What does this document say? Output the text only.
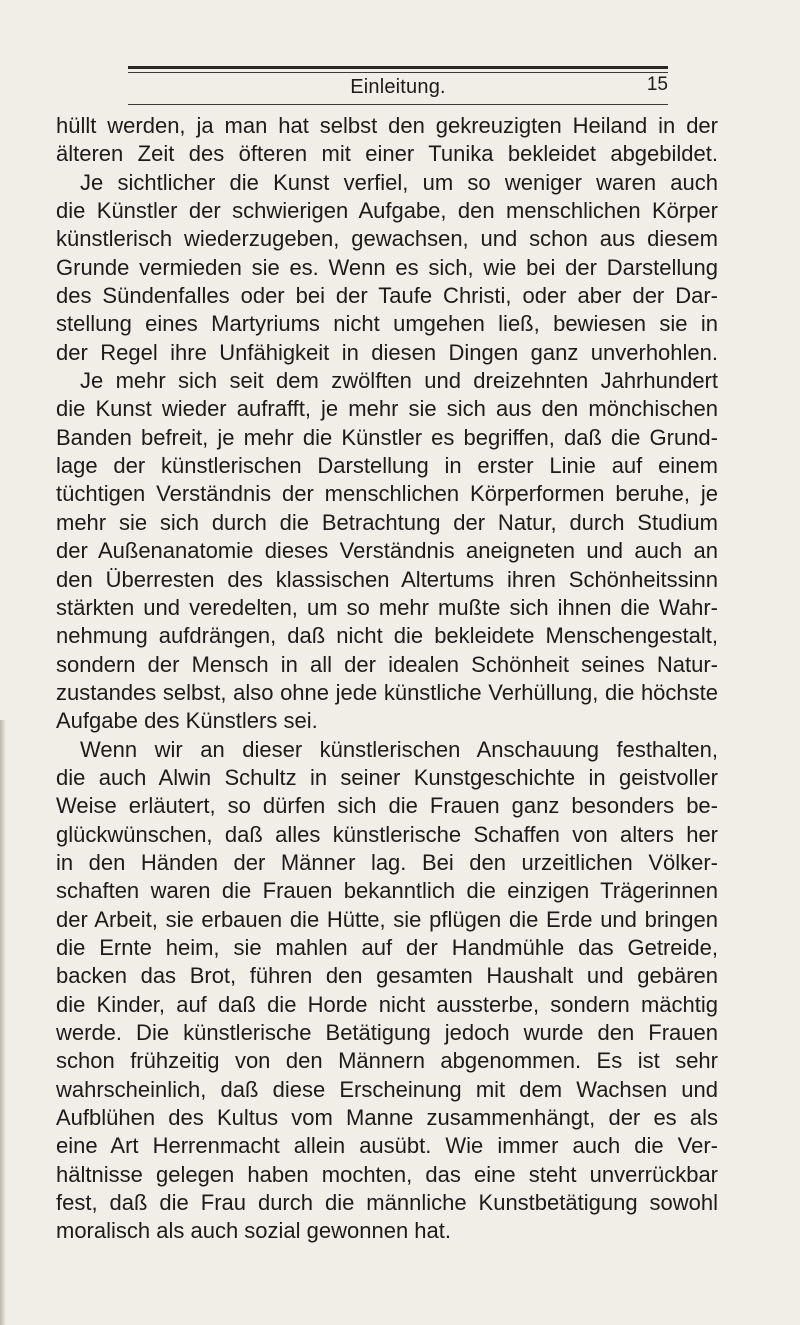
Einleitung.	15
hüllt werden, ja man hat selbst den gekreuzigten Heiland in der
älteren Zeit des öfteren mit einer Tunika bekleidet abgebildet.
Je sichtlicher die Kunst verfiel, um so weniger waren auch
die Künstler der schwierigen Aufgabe, den menschlichen Körper
künstlerisch wiederzugeben, gewachsen, und schon aus diesem
Grunde vermieden sie es. Wenn es sich, wie bei der Darstellung
des Sündenfalles oder bei der Taufe Christi, oder aber der Dar-
stellung eines Martyriums nicht umgehen ließ, bewiesen sie in
der Regel ihre Unfähigkeit in diesen Dingen ganz unverhohlen.
Je mehr sich seit dem zwölften und dreizehnten Jahrhundert
die Kunst wieder aufrafft, je mehr sie sich aus den mönchischen
Banden befreit, je mehr die Künstler es begriffen, daß die Grund-
lage der künstlerischen Darstellung in erster Linie auf einem
tüchtigen Verständnis der menschlichen Körperformen beruhe, je
mehr sie sich durch die Betrachtung der Natur, durch Studium
der Außenanatomie dieses Verständnis aneigneten und auch an
den Überresten des klassischen Altertums ihren Schönheitssinn
stärkten und veredelten, um so mehr mußte sich ihnen die Wahr-
nehmung aufdrängen, daß nicht die bekleidete Menschengestalt,
sondern der Mensch in all der idealen Schönheit seines Natur-
zustandes selbst, also ohne jede künstliche Verhüllung, die höchste
Aufgabe des Künstlers sei.
Wenn wir an dieser künstlerischen Anschauung festhalten,
die auch Alwin Schultz in seiner Kunstgeschichte in geistvoller
Weise erläutert, so dürfen sich die Frauen ganz besonders be-
glückwünschen, daß alles künstlerische Schaffen von alters her
in den Händen der Männer lag. Bei den urzeitlichen Völker-
schaften waren die Frauen bekanntlich die einzigen Trägerinnen
der Arbeit, sie erbauen die Hütte, sie pflügen die Erde und bringen
die Ernte heim, sie mahlen auf der Handmühle das Getreide,
backen das Brot, führen den gesamten Haushalt und gebären
die Kinder, auf daß die Horde nicht aussterbe, sondern mächtig
werde. Die künstlerische Betätigung jedoch wurde den Frauen
schon frühzeitig von den Männern abgenommen. Es ist sehr
wahrscheinlich, daß diese Erscheinung mit dem Wachsen und
Aufblühen des Kultus vom Manne zusammenhängt, der es als
eine Art Herrenmacht allein ausübt. Wie immer auch die Ver-
hältnisse gelegen haben mochten, das eine steht unverrückbar
fest, daß die Frau durch die männliche Kunstbetätigung sowohl
moralisch als auch sozial gewonnen hat.
